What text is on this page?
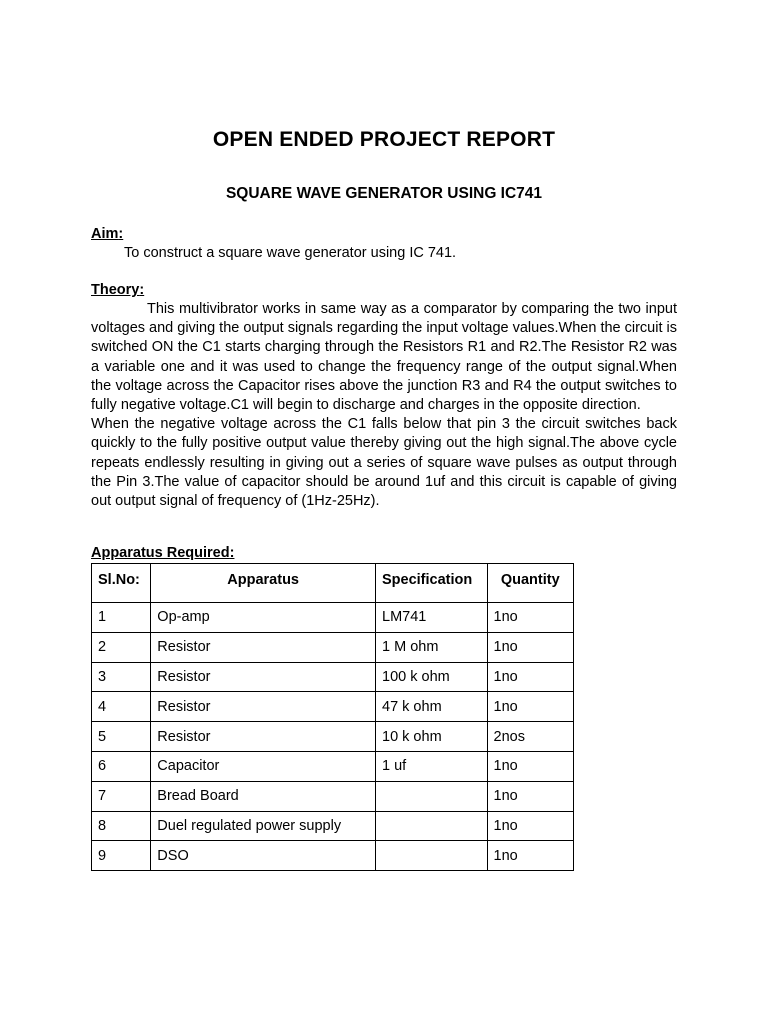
OPEN ENDED PROJECT REPORT
SQUARE WAVE GENERATOR USING IC741
Aim:
To construct a square wave generator using IC 741.
Theory:

This multivibrator works in same way as a comparator by comparing the two input voltages and giving the output signals regarding the input voltage values.When the circuit is switched ON the C1 starts charging through the Resistors R1 and R2.The Resistor R2 was a variable one and it was used to change the frequency range of the output signal.When the voltage across the Capacitor rises above the junction R3 and R4 the output switches to fully negative voltage.C1 will begin to discharge and charges in the opposite direction.

When the negative voltage across the C1 falls below that pin 3 the circuit switches back quickly to the fully positive output value thereby giving out the high signal.The above cycle repeats endlessly resulting in giving out a series of square wave pulses as output through the Pin 3.The value of capacitor should be around 1uf and this circuit is capable of giving out output signal of frequency of (1Hz-25Hz).

Apparatus Required:
Sl.No:	Apparatus	Specification	Quantity
1	Op-amp	LM741	1no
2	Resistor	1 M ohm	1no
3	Resistor	100 k ohm	1no
4	Resistor	47 k ohm	1no
5	Resistor	10 k ohm	2nos
6	Capacitor	1 uf	1no
7	Bread Board		1no
8	Duel regulated power supply		1no
9	DSO		1no
